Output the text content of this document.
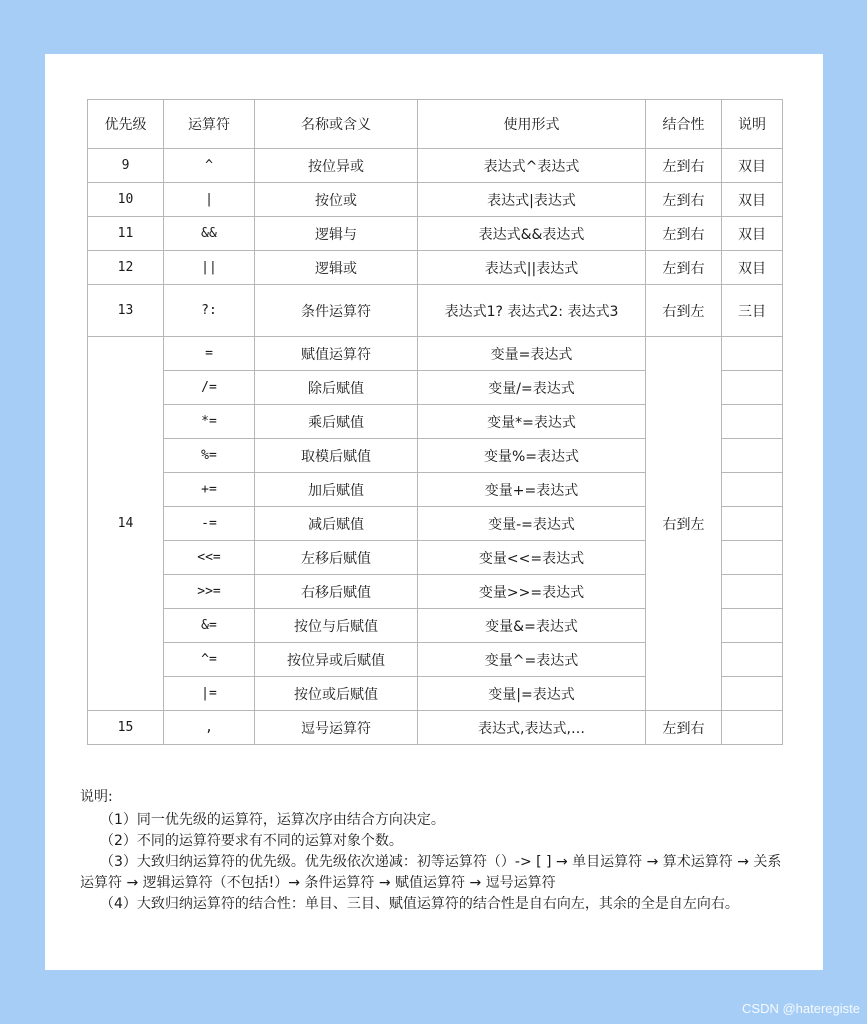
优先级	运算符	名称或含义	使用形式	结合性	说明
9	^	按位异或	表达式^表达式	左到右	双目
10	|	按位或	表达式|表达式	左到右	双目
11	&&	逻辑与	表达式&&表达式	左到右	双目
12	||	逻辑或	表达式||表达式	左到右	双目
13	?:	条件运算符	表达式1? 表达式2: 表达式3	右到左	三目
14	=	赋值运算符	变量=表达式	右到左	
	/=	除后赋值	变量/=表达式		
	*=	乘后赋值	变量*=表达式		
	%=	取模后赋值	变量%=表达式		
	+=	加后赋值	变量+=表达式		
	-=	减后赋值	变量-=表达式		
	<<=	左移后赋值	变量<<=表达式		
	>>=	右移后赋值	变量>>=表达式		
	&=	按位与后赋值	变量&=表达式		
	^=	按位异或后赋值	变量^=表达式		
	|=	按位或后赋值	变量|=表达式		
15	,	逗号运算符	表达式,表达式,…	左到右	
说明:
（1）同一优先级的运算符，运算次序由结合方向决定。
（2）不同的运算符要求有不同的运算对象个数。
（3）大致归纳运算符的优先级。优先级依次递减：初等运算符（）-> [ ] → 单目运算符 → 算术运算符 → 关系运算符 → 逻辑运算符（不包括!）→ 条件运算符 → 赋值运算符 → 逗号运算符
（4）大致归纳运算符的结合性：单目、三目、赋值运算符的结合性是自右向左，其余的全是自左向右。
CSDN @hateregiste
